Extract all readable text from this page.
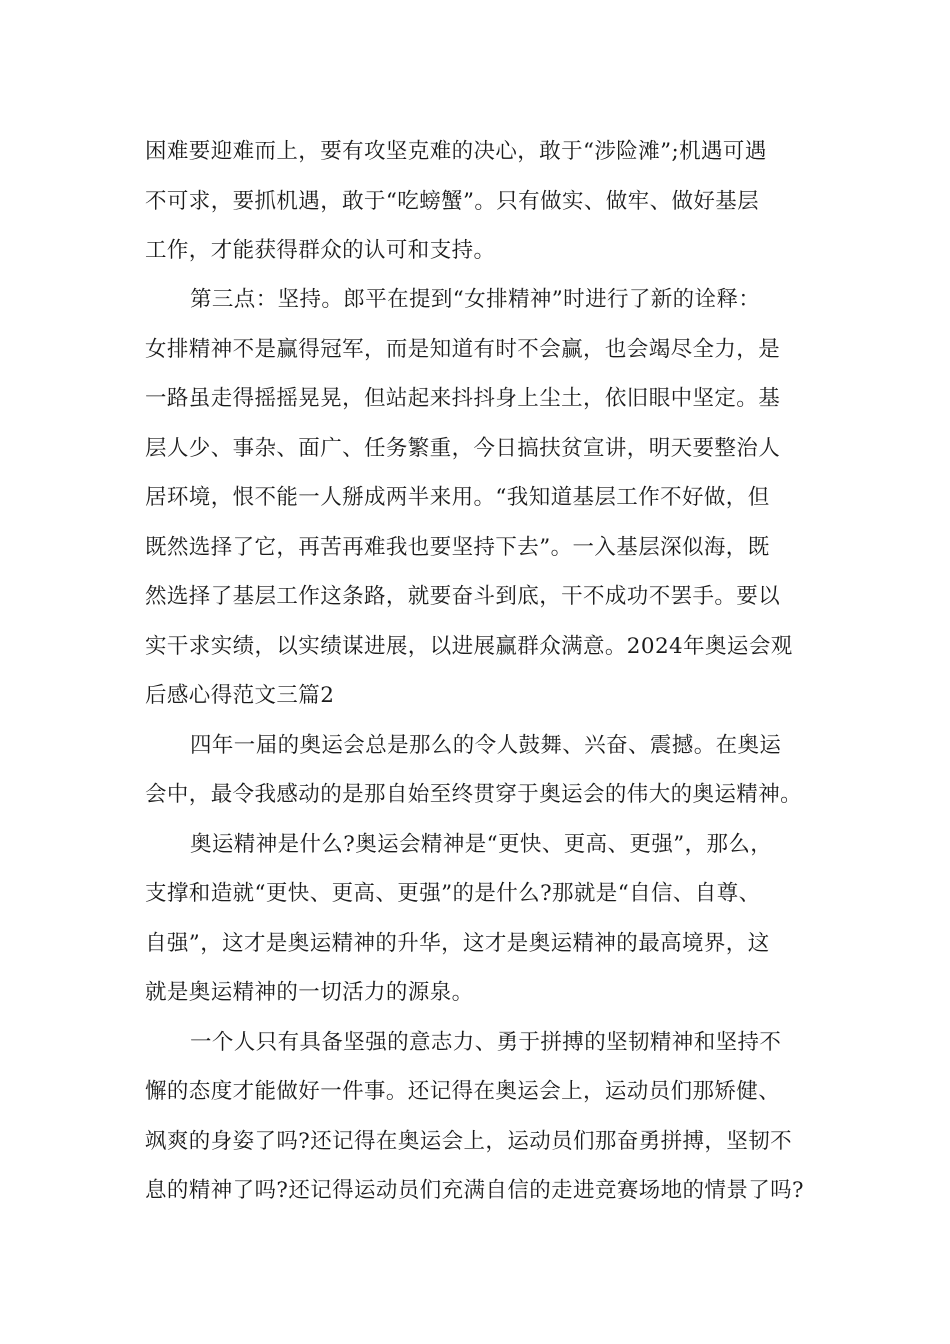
困难要迎难而上，要有攻坚克难的决心，敢于“涉险滩”;机遇可遇
不可求，要抓机遇，敢于“吃螃蟹”。只有做实、做牢、做好基层
工作，才能获得群众的认可和支持。
第三点：坚持。郎平在提到“女排精神”时进行了新的诠释：
女排精神不是赢得冠军，而是知道有时不会赢，也会竭尽全力，是
一路虽走得摇摇晃晃，但站起来抖抖身上尘土，依旧眼中坚定。基
层人少、事杂、面广、任务繁重，今日搞扶贫宣讲，明天要整治人
居环境，恨不能一人掰成两半来用。“我知道基层工作不好做，但
既然选择了它，再苦再难我也要坚持下去”。一入基层深似海，既
然选择了基层工作这条路，就要奋斗到底，干不成功不罢手。要以
实干求实绩，以实绩谋进展，以进展赢群众满意。2024年奥运会观
后感心得范文三篇2
四年一届的奥运会总是那么的令人鼓舞、兴奋、震撼。在奥运
会中，最令我感动的是那自始至终贯穿于奥运会的伟大的奥运精神。
奥运精神是什么?奥运会精神是“更快、更高、更强”，那么，
支撑和造就“更快、更高、更强”的是什么?那就是“自信、自尊、
自强”，这才是奥运精神的升华，这才是奥运精神的最高境界，这
就是奥运精神的一切活力的源泉。
一个人只有具备坚强的意志力、勇于拼搏的坚韧精神和坚持不
懈的态度才能做好一件事。还记得在奥运会上，运动员们那矫健、
飒爽的身姿了吗?还记得在奥运会上，运动员们那奋勇拼搏，坚韧不
息的精神了吗?还记得运动员们充满自信的走进竞赛场地的情景了吗?
